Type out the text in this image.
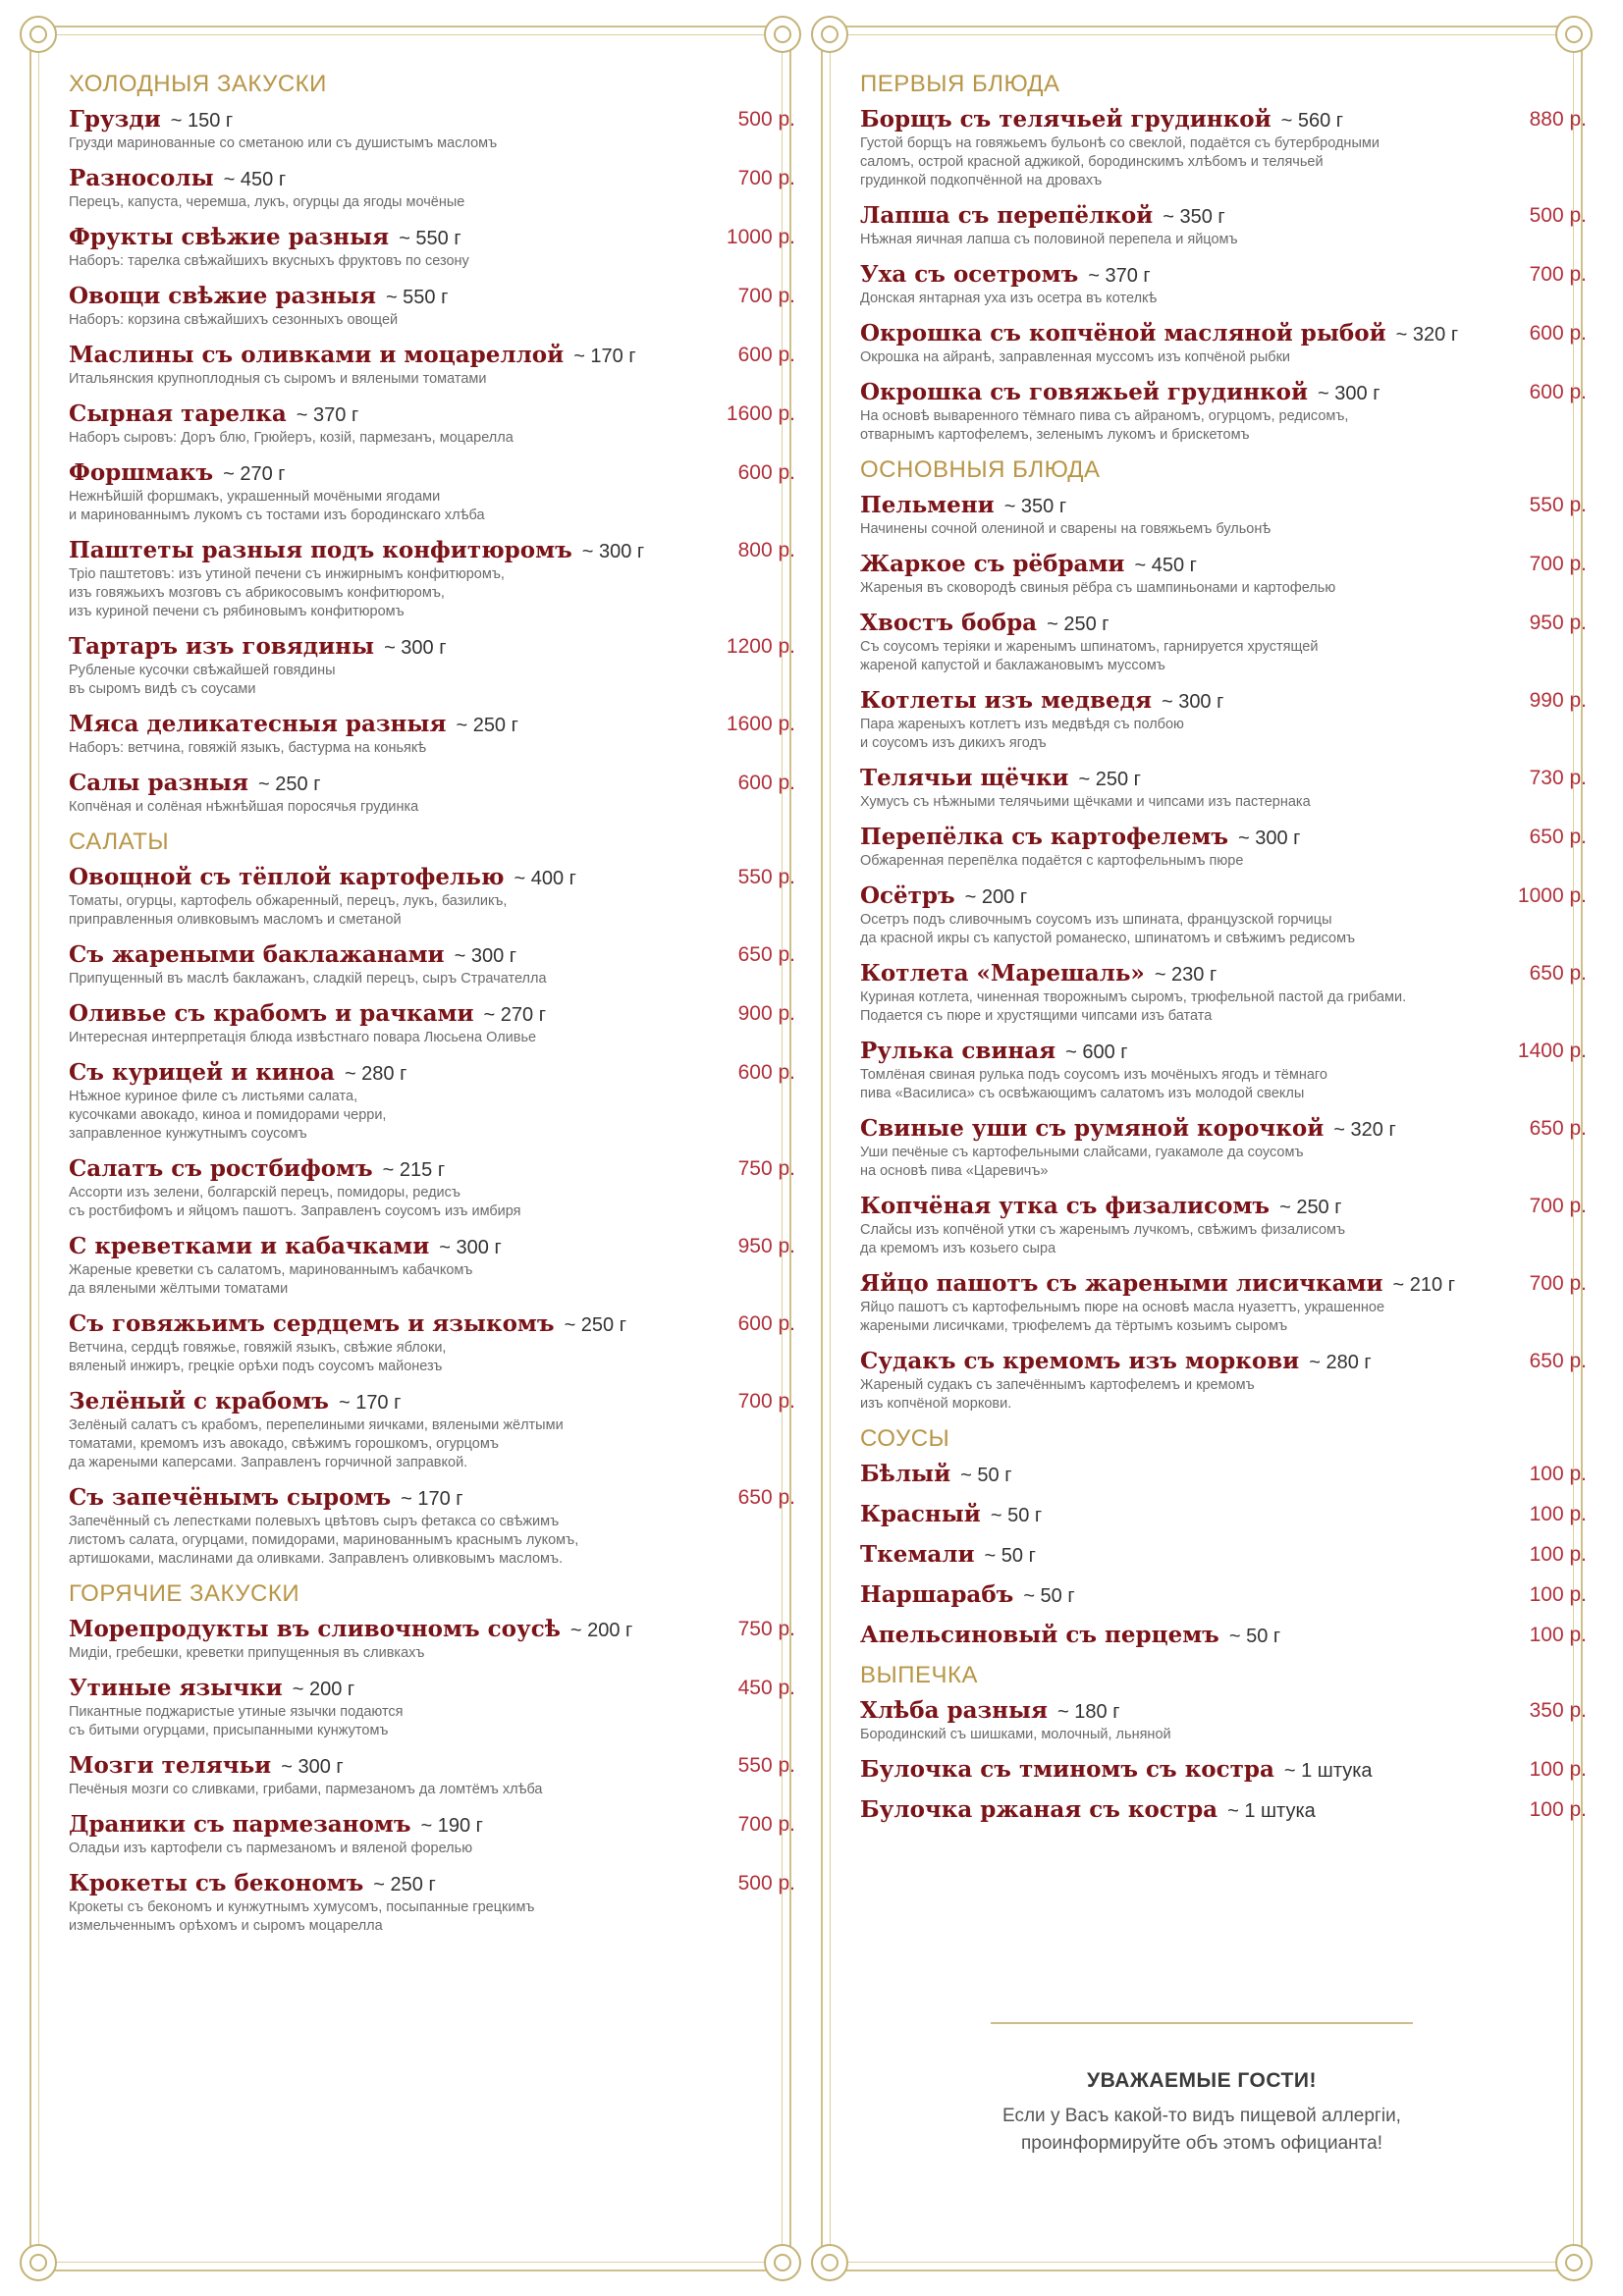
ХОЛОДНЫЯ ЗАКУСКИ
Грузди ~ 150 г	500 р.
Грузди маринованные со сметаною или съ душистымъ масломъ
Разносолы ~ 450 г	700 р.
Перецъ, капуста, черемша, лукъ, огурцы да ягоды мочёные
Фрукты свѣжие разныя ~ 550 г	1000 р.
Наборъ: тарелка свѣжайшихъ вкусныхъ фруктовъ по сезону
Овощи свѣжие разныя ~ 550 г	700 р.
Наборъ: корзина свѣжайшихъ сезонныхъ овощей
Маслины съ оливками и моцареллой ~ 170 г	600 р.
Итальянския крупноплодныя съ сыромъ и вялеными томатами
Сырная тарелка ~ 370 г	1600 р.
Наборъ сыровъ: Доръ блю, Грюйеръ, козій, пармезанъ, моцарелла
Форшмакъ ~ 270 г	600 р.
Нежнѣйшій форшмакъ, украшенный мочёными ягодами
и маринованнымъ лукомъ съ тостами изъ бородинскаго хлѣба
Паштеты разныя подъ конфитюромъ ~ 300 г	800 р.
Тріо паштетовъ: изъ утиной печени съ инжирнымъ конфитюромъ,
изъ говяжьихъ мозговъ съ абрикосовымъ конфитюромъ,
изъ куриной печени съ рябиновымъ конфитюромъ
Тартаръ изъ говядины ~ 300 г	1200 р.
Рубленые кусочки свѣжайшей говядины
въ сыромъ видѣ съ соусами
Мяса деликатесныя разныя ~ 250 г	1600 р.
Наборъ: ветчина, говяжій языкъ, бастурма на коньякѣ
Салы разныя ~ 250 г	600 р.
Копчёная и солёная нѣжнѣйшая поросячья грудинка
САЛАТЫ
Овощной съ тёплой картофелью ~ 400 г	550 р.
Томаты, огурцы, картофель обжаренный, перецъ, лукъ, базиликъ,
приправленныя оливковымъ масломъ и сметаной
Съ жареными баклажанами ~ 300 г	650 р.
Припущенный въ маслѣ баклажанъ, сладкій перецъ, сыръ Страчателла
Оливье съ крабомъ и рачками ~ 270 г	900 р.
Интересная интерпретація блюда извѣстнаго повара Люсьена Оливье
Съ курицей и киноа ~ 280 г	600 р.
Нѣжное куриное филе съ листьями салата,
кусочками авокадо, киноа и помидорами черри,
заправленное кунжутнымъ соусомъ
Салатъ съ ростбифомъ ~ 215 г	750 р.
Ассорти изъ зелени, болгарскій перецъ, помидоры, редисъ
съ ростбифомъ и яйцомъ пашотъ. Заправленъ соусомъ изъ имбиря
С креветками и кабачками ~ 300 г	950 р.
Жареные креветки съ салатомъ, маринованнымъ кабачкомъ
да вялеными жёлтыми томатами
Съ говяжьимъ сердцемъ и языкомъ ~ 250 г	600 р.
Ветчина, сердцѣ говяжье, говяжій языкъ, свѣжие яблоки,
вяленый инжиръ, грецкіе орѣхи подъ соусомъ майонезъ
Зелёный с крабомъ ~ 170 г	700 р.
Зелёный салатъ съ крабомъ, перепелиными яичками, вялеными жёлтыми
томатами, кремомъ изъ авокадо, свѣжимъ горошкомъ, огурцомъ
да жареными каперсами. Заправленъ горчичной заправкой.
Съ запечёнымъ сыромъ ~ 170 г	650 р.
Запечённый съ лепестками полевыхъ цвѣтовъ сыръ фетакса со свѣжимъ
листомъ салата, огурцами, помидорами, маринованнымъ краснымъ лукомъ,
артишоками, маслинами да оливками. Заправленъ оливковымъ масломъ.
ГОРЯЧИЕ ЗАКУСКИ
Морепродукты въ сливочномъ соусѣ ~ 200 г	750 р.
Мидіи, гребешки, креветки припущенныя въ сливкахъ
Утиные язычки ~ 200 г	450 р.
Пикантные поджаристые утиные язычки подаются
съ битыми огурцами, присыпанными кунжутомъ
Мозги телячьи ~ 300 г	550 р.
Печёныя мозги со сливками, грибами, пармезаномъ да ломтёмъ хлѣба
Драники съ пармезаномъ ~ 190 г	700 р.
Оладьи изъ картофели съ пармезаномъ и вяленой форелью
Крокеты съ бекономъ ~ 250 г	500 р.
Крокеты съ бекономъ и кунжутнымъ хумусомъ, посыпанные грецкимъ
измельченнымъ орѣхомъ и сыромъ моцарелла
ПЕРВЫЯ БЛЮДА
Борщъ съ телячьей грудинкой ~ 560 г	880 р.
Густой борщъ на говяжьемъ бульонѣ со свеклой, подаётся съ бутербродными
саломъ, острой красной аджикой, бородинскимъ хлѣбомъ и телячьей
грудинкой подкопчённой на дровахъ
Лапша съ перепёлкой ~ 350 г	500 р.
Нѣжная яичная лапша съ половиной перепела и яйцомъ
Уха съ осетромъ ~ 370 г	700 р.
Донская янтарная уха изъ осетра въ котелкѣ
Окрошка съ копчёной масляной рыбой ~ 320 г	600 р.
Окрошка на айранѣ, заправленная муссомъ изъ копчёной рыбки
Окрошка съ говяжьей грудинкой ~ 300 г	600 р.
На основѣ вываренного тёмнаго пива съ айраномъ, огурцомъ, редисомъ,
отварнымъ картофелемъ, зеленымъ лукомъ и брискетомъ
ОСНОВНЫЯ БЛЮДА
Пельмени ~ 350 г	550 р.
Начинены сочной олениной и сварены на говяжьемъ бульонѣ
Жаркое съ рёбрами ~ 450 г	700 р.
Жареныя въ сковородѣ свиныя рёбра съ шампиньонами и картофелью
Хвостъ бобра ~ 250 г	950 р.
Съ соусомъ теріяки и жаренымъ шпинатомъ, гарнируется хрустящей
жареной капустой и баклажановымъ муссомъ
Котлеты изъ медведя ~ 300 г	990 р.
Пара жареныхъ котлетъ изъ медвѣдя съ полбою
и соусомъ изъ дикихъ ягодъ
Телячьи щёчки ~ 250 г	730 р.
Хумусъ съ нѣжными телячьими щёчками и чипсами изъ пастернака
Перепёлка съ картофелемъ ~ 300 г	650 р.
Обжаренная перепёлка подаётся с картофельнымъ пюре
Осётръ ~ 200 г	1000 р.
Осетръ подъ сливочнымъ соусомъ изъ шпината, французской горчицы
да красной икры съ капустой романеско, шпинатомъ и свѣжимъ редисомъ
Котлета «Марешаль» ~ 230 г	650 р.
Куриная котлета, чиненная творожнымъ сыромъ, трюфельной пастой да грибами.
Подается съ пюре и хрустящими чипсами изъ батата
Рулька свиная ~ 600 г	1400 р.
Томлёная свиная рулька подъ соусомъ изъ мочёныхъ ягодъ и тёмнаго
пива «Василиса» съ освѣжающимъ салатомъ изъ молодой свеклы
Свиные уши съ румяной корочкой ~ 320 г	650 р.
Уши печёные съ картофельными слайсами, гуакамоле да соусомъ
на основѣ пива «Царевичъ»
Копчёная утка съ физалисомъ ~ 250 г	700 р.
Слайсы изъ копчёной утки съ жаренымъ лучкомъ, свѣжимъ физалисомъ
да кремомъ изъ козьего сыра
Яйцо пашотъ съ жареными лисичками ~ 210 г	700 р.
Яйцо пашотъ съ картофельнымъ пюре на основѣ масла нуазеттъ, украшенное
жареными лисичками, трюфелемъ да тёртымъ козьимъ сыромъ
Судакъ съ кремомъ изъ моркови ~ 280 г	650 р.
Жареный судакъ съ запечённымъ картофелемъ и кремомъ
изъ копчёной моркови.
СОУСЫ
Бѣлый ~ 50 г	100 р.
Красный ~ 50 г	100 р.
Ткемали ~ 50 г	100 р.
Наршарабъ ~ 50 г	100 р.
Апельсиновый съ перцемъ ~ 50 г	100 р.
ВЫПЕЧКА
Хлѣба разныя ~ 180 г	350 р.
Бородинский съ шишками, молочный, льняной
Булочка съ тминомъ съ костра ~ 1 штука	100 р.
Булочка ржаная съ костра ~ 1 штука	100 р.
УВАЖАЕМЫЕ ГОСТИ!
Если у Васъ какой-то видъ пищевой аллергіи,
проинформируйте объ этомъ официанта!
